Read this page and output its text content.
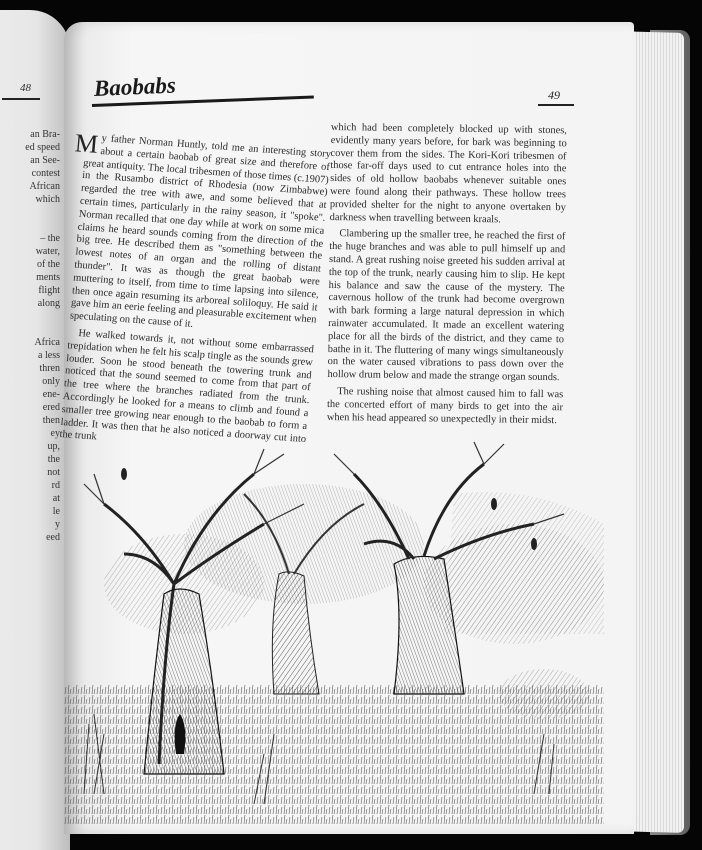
48
an Bra-
ed speed
an See-
contest
African
which

– the
water,
of the
ments
flight
along

Africa
a less
thren
only
ene-
ered
then
ey
up,
the
not
rd
at
le
y
eed
Baobabs	49

My father Norman Huntly, told me an interesting story about a certain baobab of great size and therefore of great antiquity. The local tribesmen of those times (c.1907) in the Rusambo district of Rhodesia (now Zimbabwe) regarded the tree with awe, and some believed that at certain times, particularly in the rainy season, it "spoke". Norman recalled that one day while at work on some mica claims he heard sounds coming from the direction of the big tree. He described them as "something between the lowest notes of an organ and the rolling of distant thunder". It was as though the great baobab were muttering to itself, from time to time lapsing into silence, then once again resuming its arboreal soliloquy. He said it gave him an eerie feeling and pleasurable excitement when speculating on the cause of it.

He walked towards it, not without some embarrassed trepidation when he felt his scalp tingle as the sounds grew louder. Soon he stood beneath the towering trunk and noticed that the sound seemed to come from that part of the tree where the branches radiated from the trunk. Accordingly he looked for a means to climb and found a smaller tree growing near enough to the baobab to form a ladder. It was then that he also noticed a doorway cut into the trunk

which had been completely blocked up with stones, evidently many years before, for bark was beginning to cover them from the sides. The Kori-Kori tribesmen of those far-off days used to cut entrance holes into the sides of old hollow baobabs whenever suitable ones were found along their pathways. These hollow trees provided shelter for the night to anyone overtaken by darkness when travelling between kraals.

Clambering up the smaller tree, he reached the first of the huge branches and was able to pull himself up and stand. A great rushing noise greeted his sudden arrival at the top of the trunk, nearly causing him to slip. He kept his balance and saw the cause of the mystery. The cavernous hollow of the trunk had become overgrown with bark forming a large natural depression in which rainwater accumulated. It made an excellent watering place for all the birds of the district, and they came to bathe in it. The fluttering of many wings simultaneously on the water caused vibrations to pass down over the hollow drum below and made the strange organ sounds.

The rushing noise that almost caused him to fall was the concerted effort of many birds to get into the air when his head appeared so unexpectedly in their midst.
